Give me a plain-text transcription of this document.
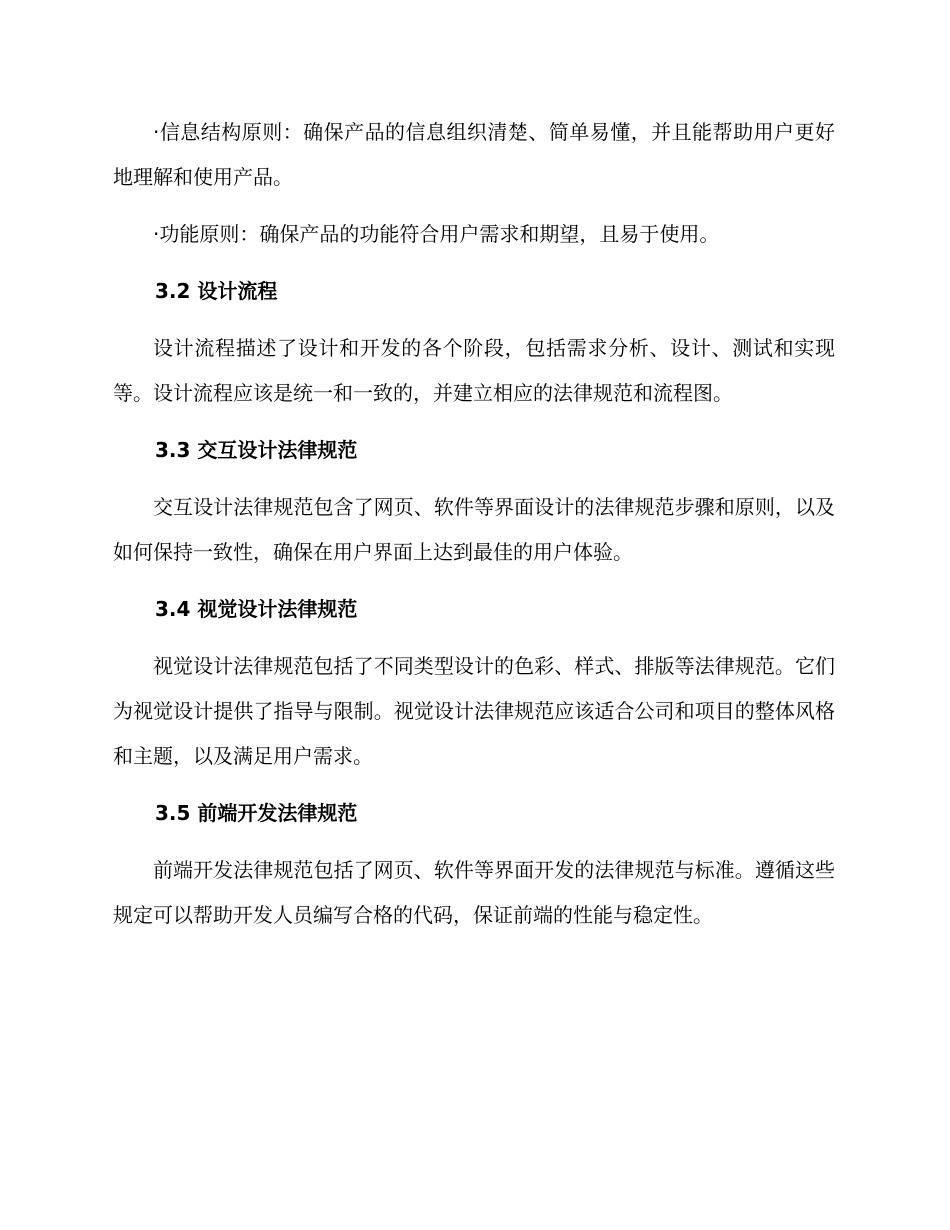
·信息结构原则：确保产品的信息组织清楚、简单易懂，并且能帮助用户更好地理解和使用产品。

·功能原则：确保产品的功能符合用户需求和期望，且易于使用。

3.2 设计流程

设计流程描述了设计和开发的各个阶段，包括需求分析、设计、测试和实现等。设计流程应该是统一和一致的，并建立相应的法律规范和流程图。

3.3 交互设计法律规范

交互设计法律规范包含了网页、软件等界面设计的法律规范步骤和原则，以及如何保持一致性，确保在用户界面上达到最佳的用户体验。

3.4 视觉设计法律规范

视觉设计法律规范包括了不同类型设计的色彩、样式、排版等法律规范。它们为视觉设计提供了指导与限制。视觉设计法律规范应该适合公司和项目的整体风格和主题，以及满足用户需求。

3.5 前端开发法律规范

前端开发法律规范包括了网页、软件等界面开发的法律规范与标准。遵循这些规定可以帮助开发人员编写合格的代码，保证前端的性能与稳定性。
